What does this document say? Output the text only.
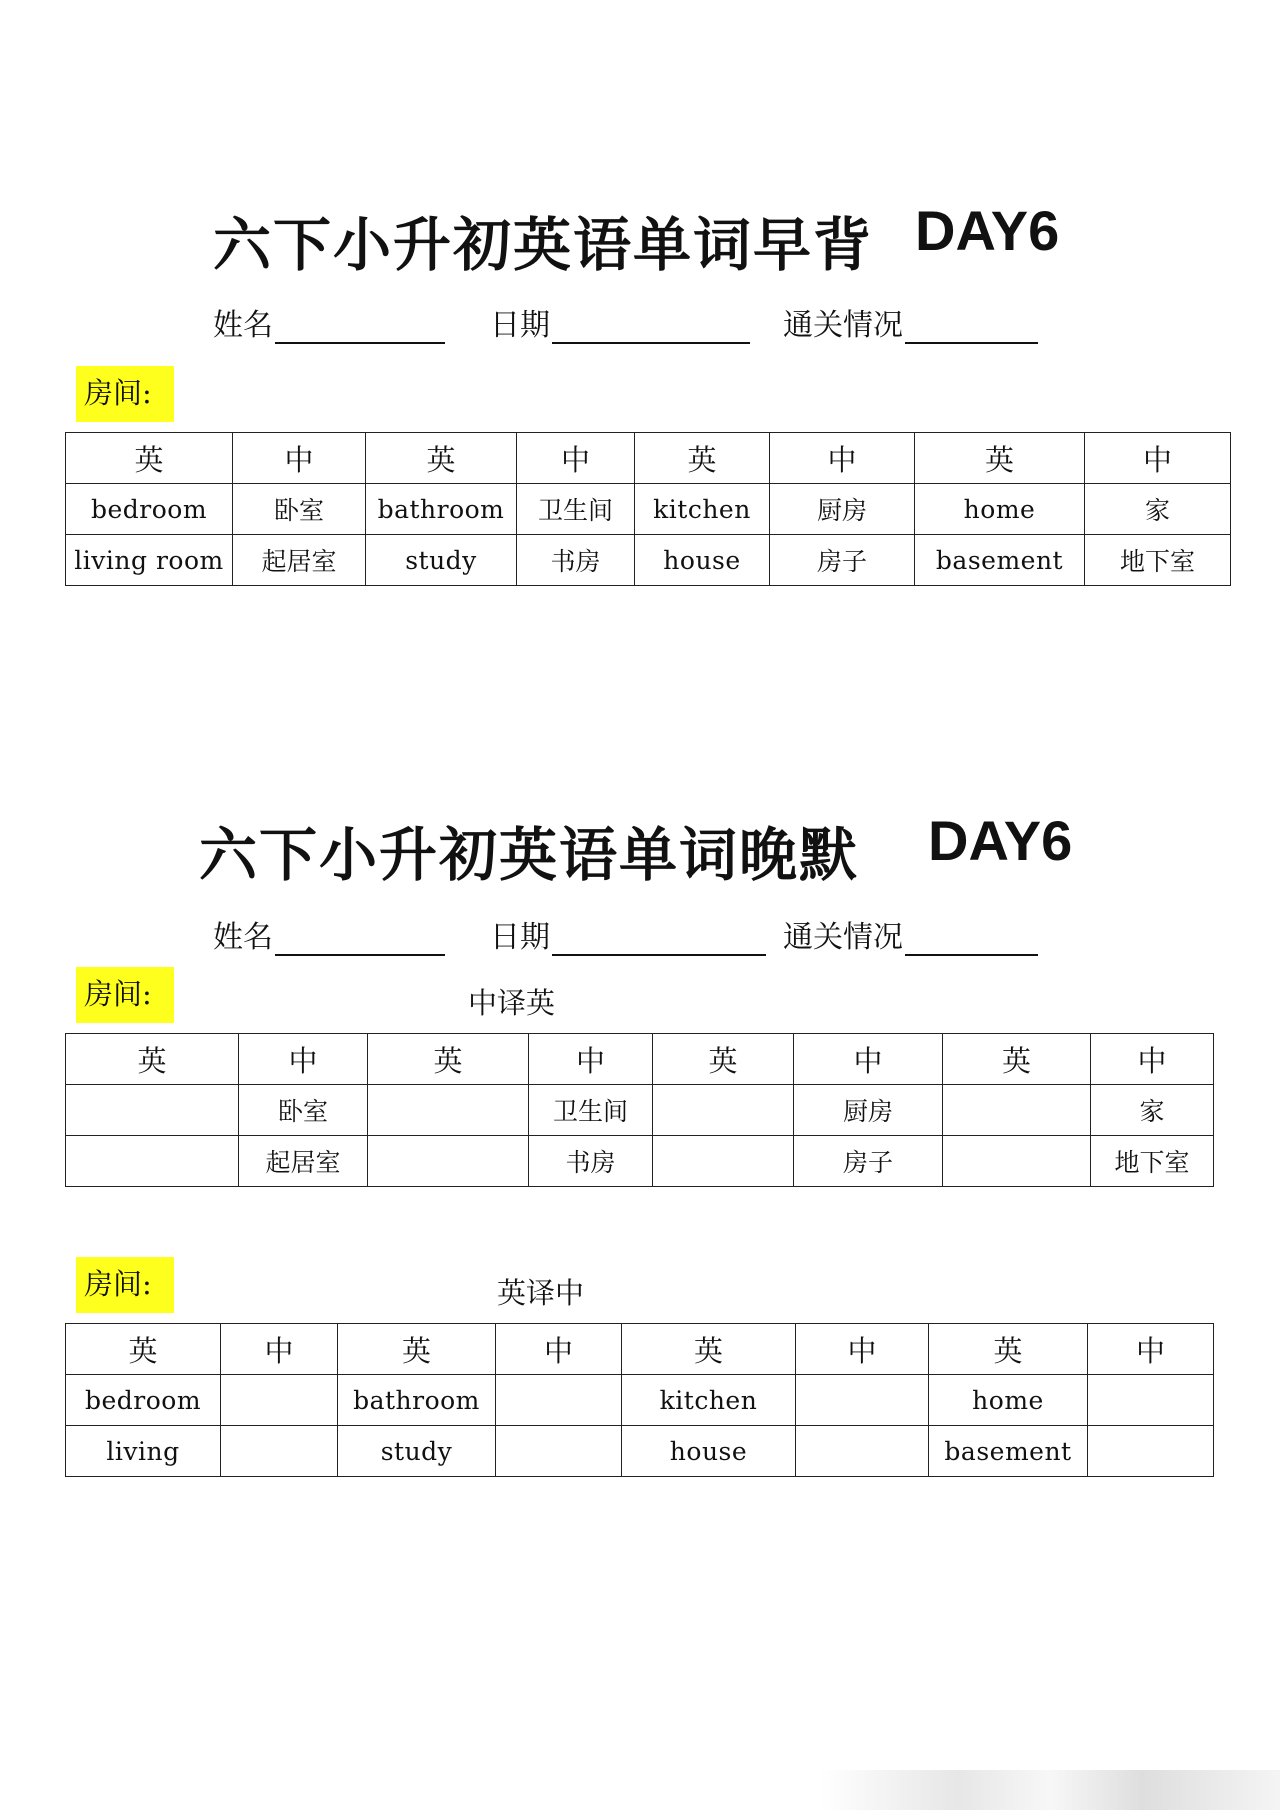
六下小升初英语单词早背 DAY6
姓名	日期	通关情况
房间:
英	中	英	中	英	中	英	中
bedroom	卧室	bathroom	卫生间	kitchen	厨房	home	家
living room	起居室	study	书房	house	房子	basement	地下室
六下小升初英语单词晚默 DAY6
姓名	日期	通关情况
房间:	中译英
英	中	英	中	英	中	英	中
	卧室		卫生间		厨房		家
	起居室		书房		房子		地下室
房间:	英译中
英	中	英	中	英	中	英	中
bedroom		bathroom		kitchen		home	
living		study		house		basement	
